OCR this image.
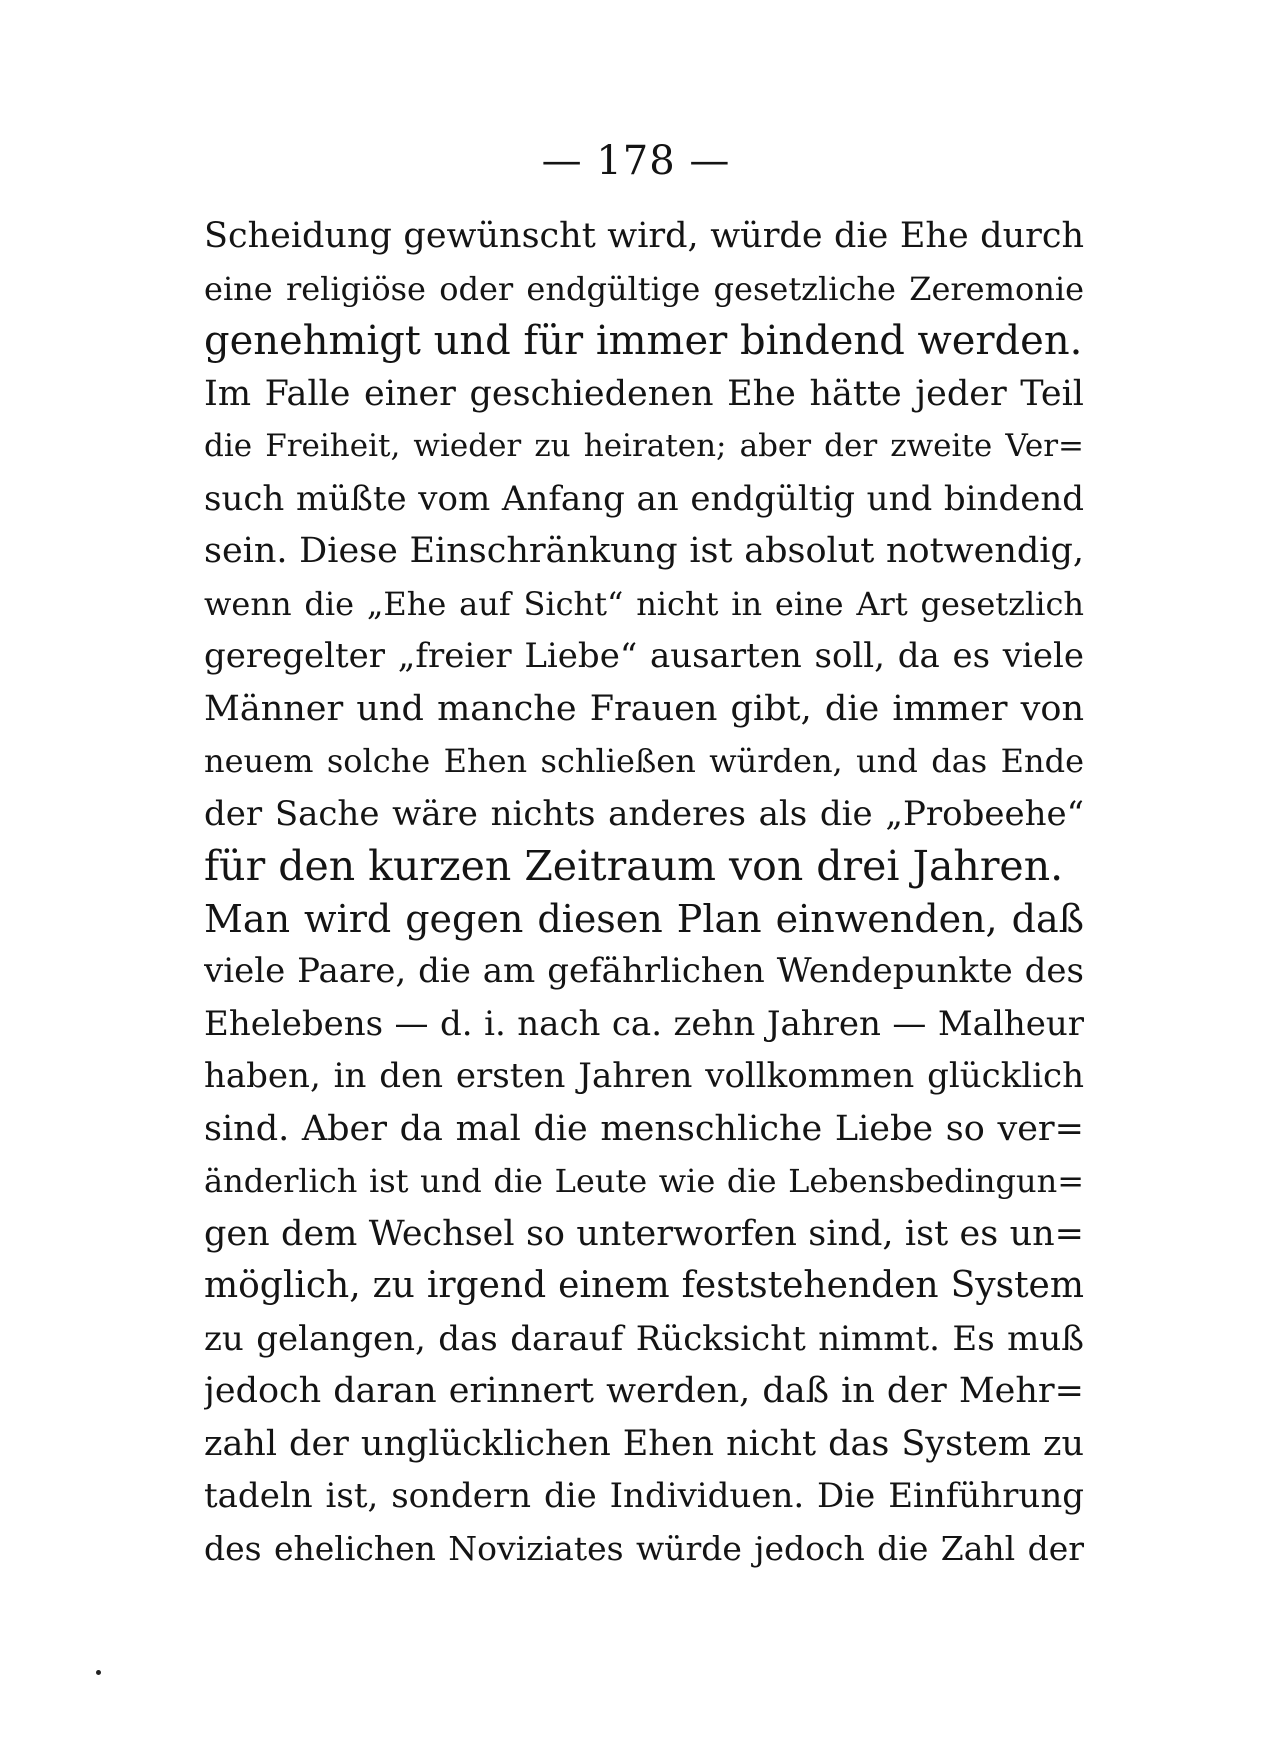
— 178 —
Scheidung gewünscht wird, würde die Ehe durch
eine religiöse oder endgültige gesetzliche Zeremonie
genehmigt und für immer bindend werden.
Im Falle einer geschiedenen Ehe hätte jeder Teil
die Freiheit, wieder zu heiraten; aber der zweite Ver=
such müßte vom Anfang an endgültig und bindend
sein. Diese Einschränkung ist absolut notwendig,
wenn die „Ehe auf Sicht“ nicht in eine Art gesetzlich
geregelter „freier Liebe“ ausarten soll, da es viele
Männer und manche Frauen gibt, die immer von
neuem solche Ehen schließen würden, und das Ende
der Sache wäre nichts anderes als die „Probeehe“
für den kurzen Zeitraum von drei Jahren.
Man wird gegen diesen Plan einwenden, daß
viele Paare, die am gefährlichen Wendepunkte des
Ehelebens — d. i. nach ca. zehn Jahren — Malheur
haben, in den ersten Jahren vollkommen glücklich
sind. Aber da mal die menschliche Liebe so ver=
änderlich ist und die Leute wie die Lebensbedingun=
gen dem Wechsel so unterworfen sind, ist es un=
möglich, zu irgend einem feststehenden System
zu gelangen, das darauf Rücksicht nimmt. Es muß
jedoch daran erinnert werden, daß in der Mehr=
zahl der unglücklichen Ehen nicht das System zu
tadeln ist, sondern die Individuen. Die Einführung
des ehelichen Noviziates würde jedoch die Zahl der
